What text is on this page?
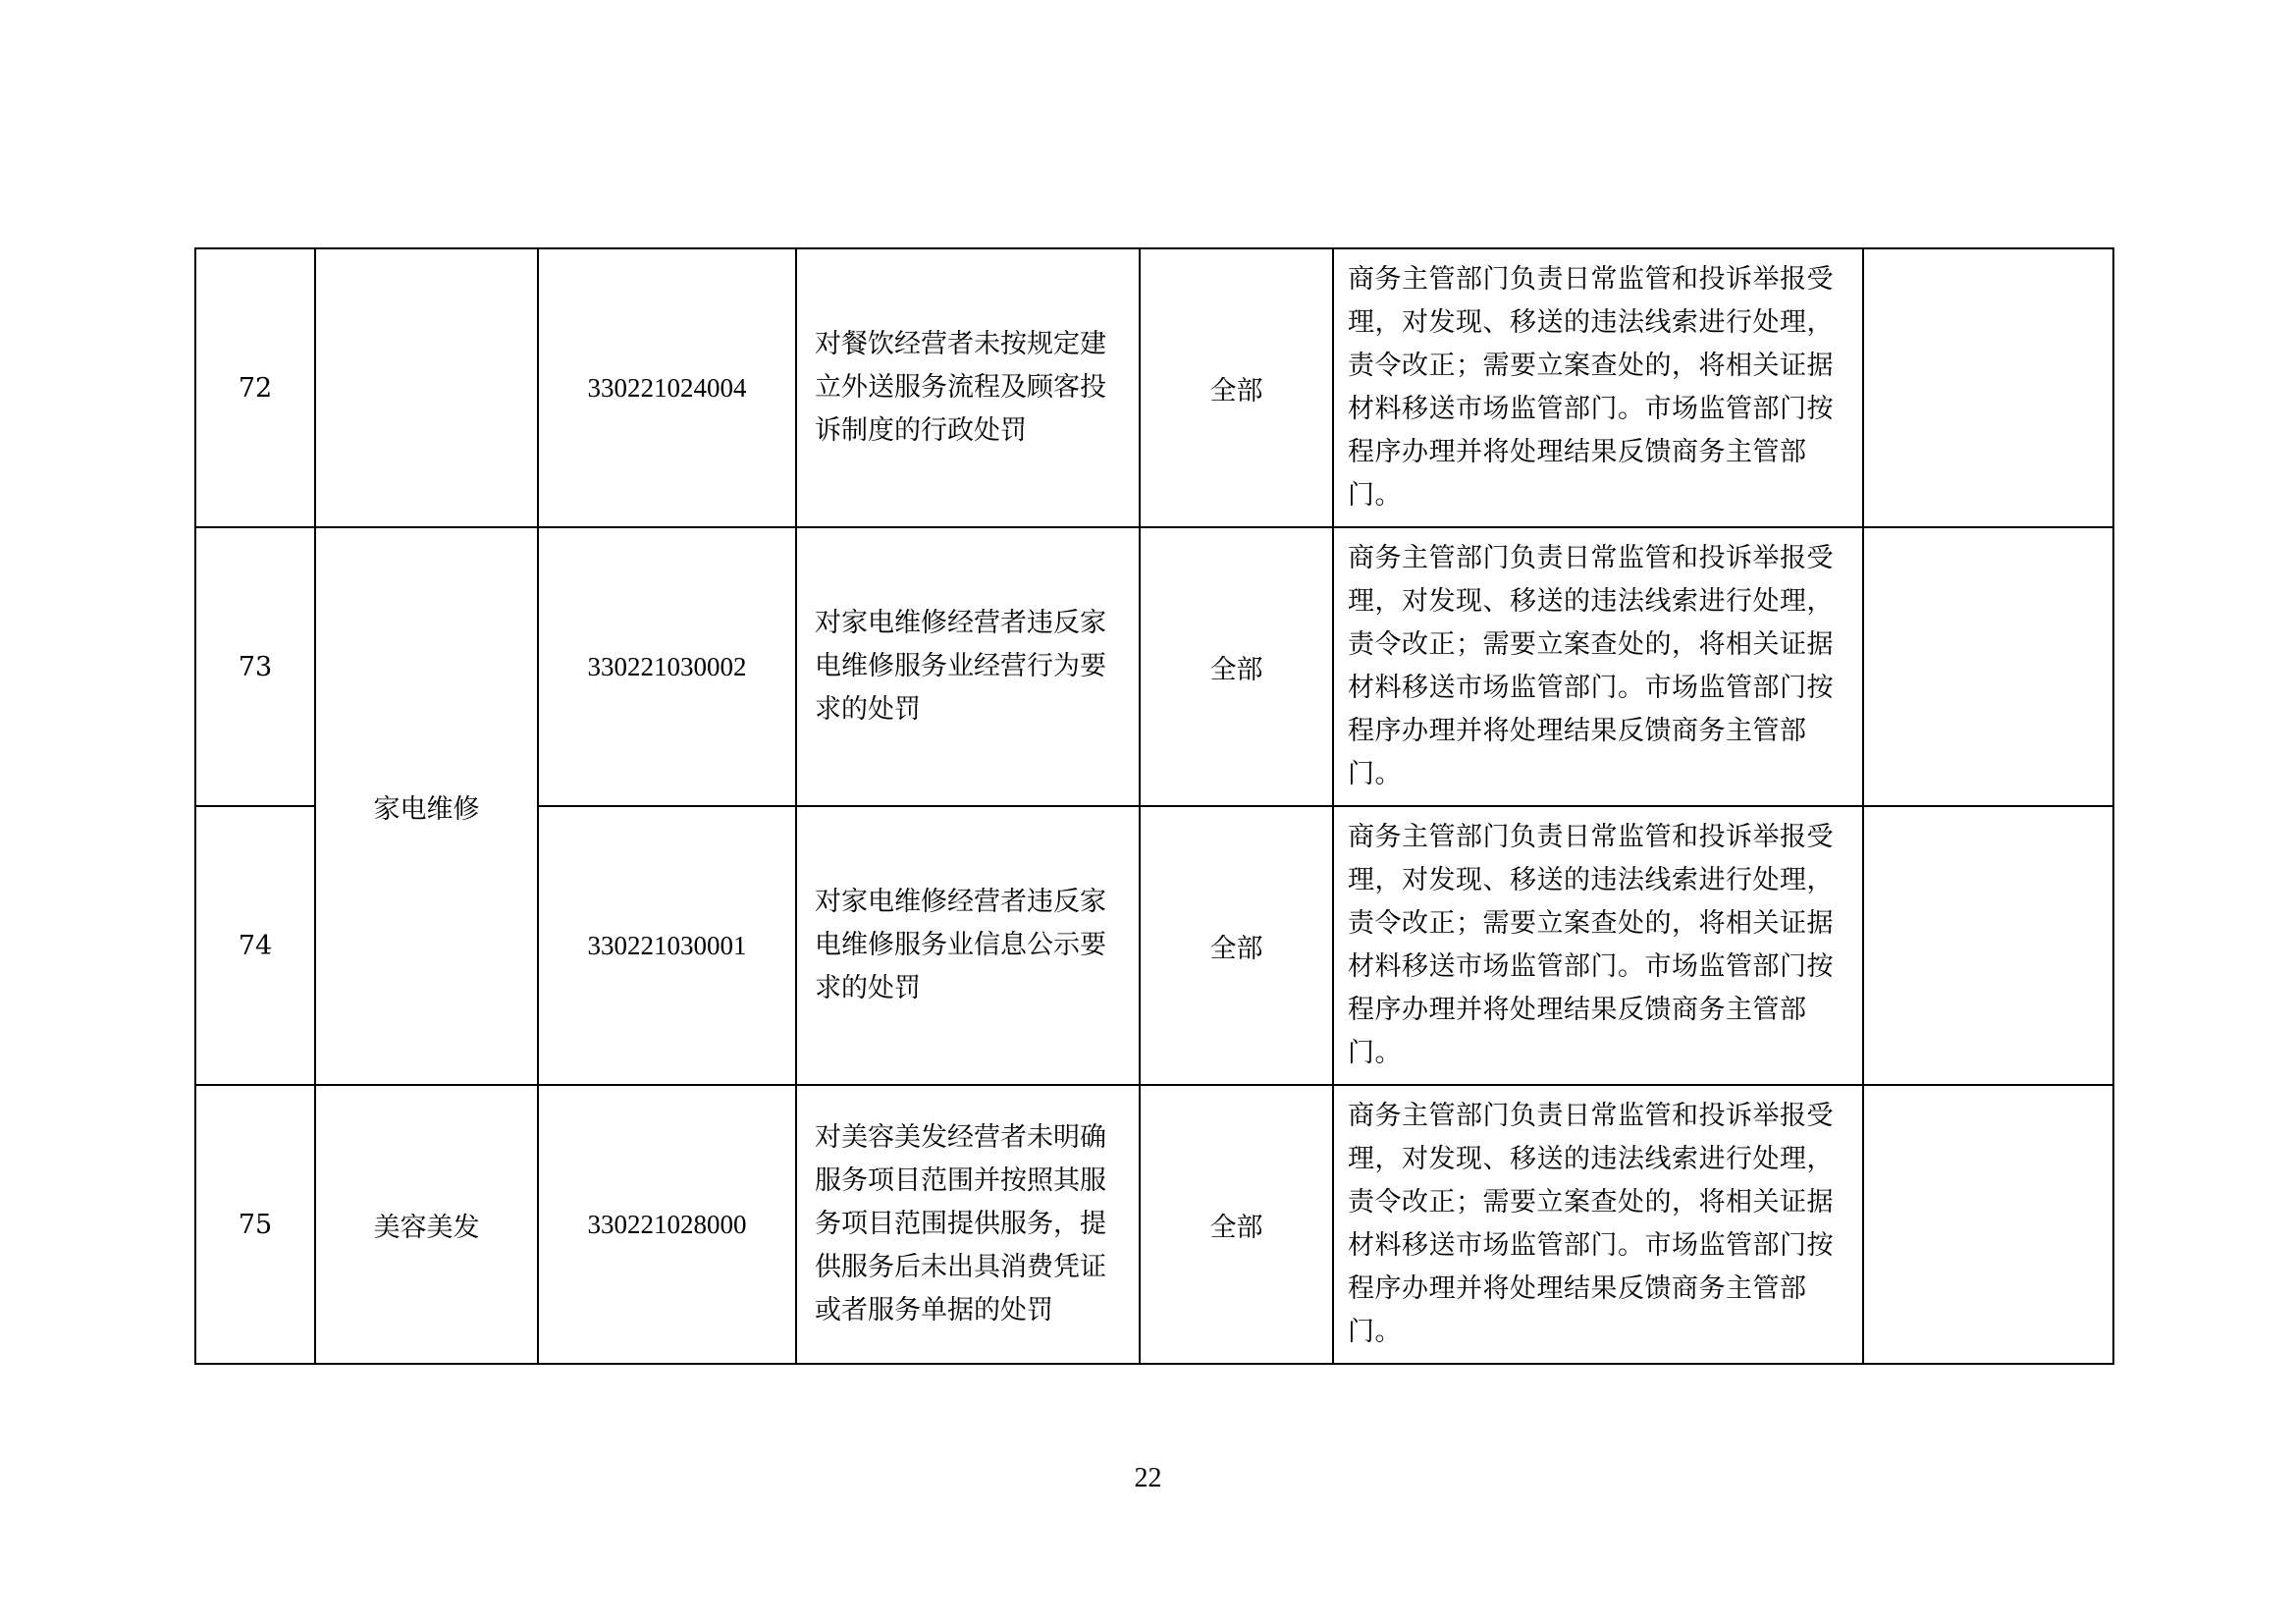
72		330221024004	对餐饮经营者未按规定建立外送服务流程及顾客投诉制度的行政处罚	全部	商务主管部门负责日常监管和投诉举报受理，对发现、移送的违法线索进行处理，责令改正；需要立案查处的，将相关证据材料移送市场监管部门。市场监管部门按程序办理并将处理结果反馈商务主管部门。	
73	家电维修	330221030002	对家电维修经营者违反家电维修服务业经营行为要求的处罚	全部	商务主管部门负责日常监管和投诉举报受理，对发现、移送的违法线索进行处理，责令改正；需要立案查处的，将相关证据材料移送市场监管部门。市场监管部门按程序办理并将处理结果反馈商务主管部门。	
74		330221030001	对家电维修经营者违反家电维修服务业信息公示要求的处罚	全部	商务主管部门负责日常监管和投诉举报受理，对发现、移送的违法线索进行处理，责令改正；需要立案查处的，将相关证据材料移送市场监管部门。市场监管部门按程序办理并将处理结果反馈商务主管部门。	
75	美容美发	330221028000	对美容美发经营者未明确服务项目范围并按照其服务项目范围提供服务，提供服务后未出具消费凭证或者服务单据的处罚	全部	商务主管部门负责日常监管和投诉举报受理，对发现、移送的违法线索进行处理，责令改正；需要立案查处的，将相关证据材料移送市场监管部门。市场监管部门按程序办理并将处理结果反馈商务主管部门。	
22
